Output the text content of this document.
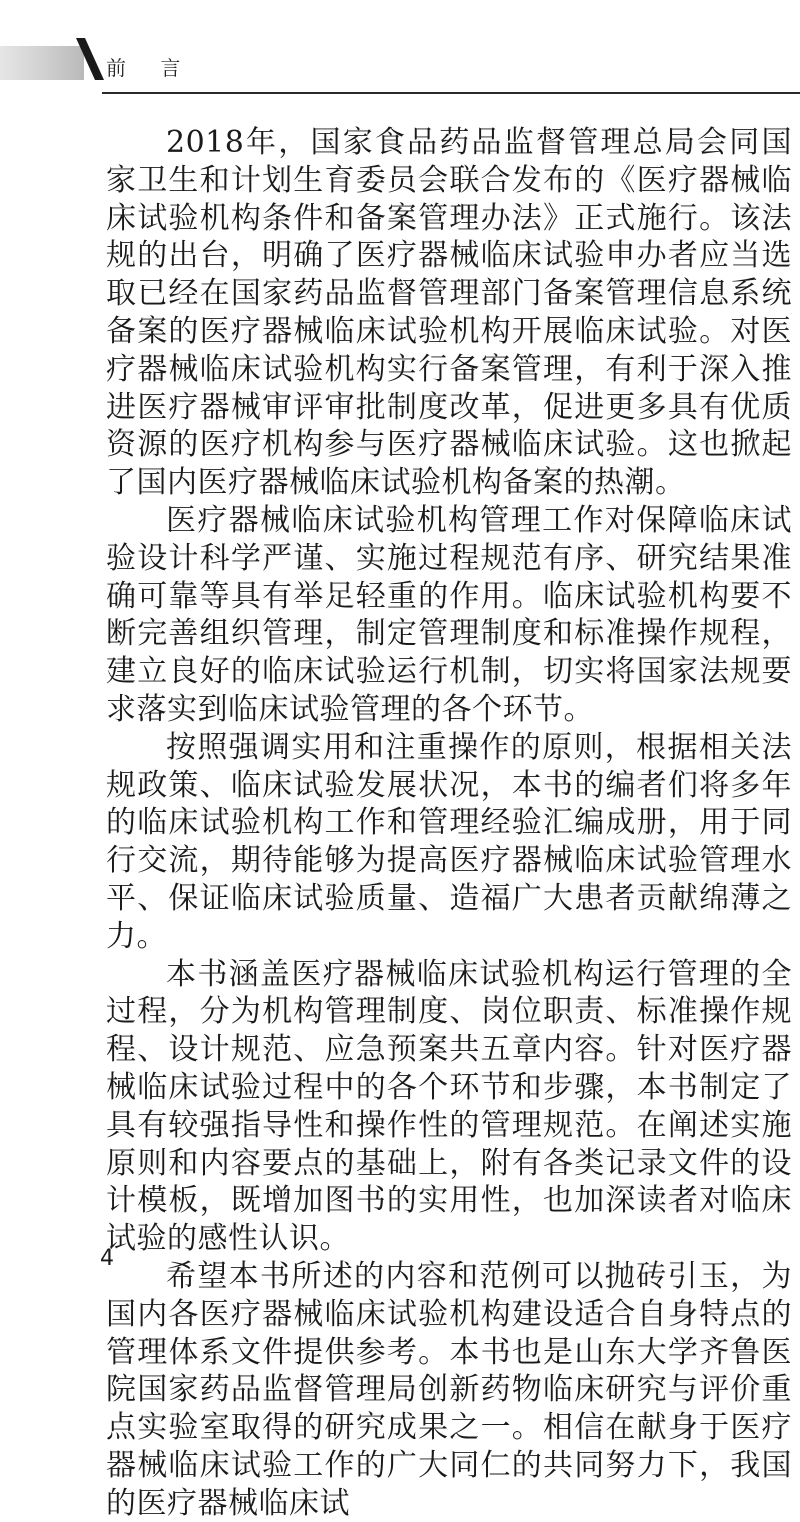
前 言

2018年，国家食品药品监督管理总局会同国家卫生和计划生育委员会联合发布的《医疗器械临床试验机构条件和备案管理办法》正式施行。该法规的出台，明确了医疗器械临床试验申办者应当选取已经在国家药品监督管理部门备案管理信息系统备案的医疗器械临床试验机构开展临床试验。对医疗器械临床试验机构实行备案管理，有利于深入推进医疗器械审评审批制度改革，促进更多具有优质资源的医疗机构参与医疗器械临床试验。这也掀起了国内医疗器械临床试验机构备案的热潮。

医疗器械临床试验机构管理工作对保障临床试验设计科学严谨、实施过程规范有序、研究结果准确可靠等具有举足轻重的作用。临床试验机构要不断完善组织管理，制定管理制度和标准操作规程，建立良好的临床试验运行机制，切实将国家法规要求落实到临床试验管理的各个环节。

按照强调实用和注重操作的原则，根据相关法规政策、临床试验发展状况，本书的编者们将多年的临床试验机构工作和管理经验汇编成册，用于同行交流，期待能够为提高医疗器械临床试验管理水平、保证临床试验质量、造福广大患者贡献绵薄之力。

本书涵盖医疗器械临床试验机构运行管理的全过程，分为机构管理制度、岗位职责、标准操作规程、设计规范、应急预案共五章内容。针对医疗器械临床试验过程中的各个环节和步骤，本书制定了具有较强指导性和操作性的管理规范。在阐述实施原则和内容要点的基础上，附有各类记录文件的设计模板，既增加图书的实用性，也加深读者对临床试验的感性认识。

希望本书所述的内容和范例可以抛砖引玉，为国内各医疗器械临床试验机构建设适合自身特点的管理体系文件提供参考。本书也是山东大学齐鲁医院国家药品监督管理局创新药物临床研究与评价重点实验室取得的研究成果之一。相信在献身于医疗器械临床试验工作的广大同仁的共同努力下，我国的医疗器械临床试

4
